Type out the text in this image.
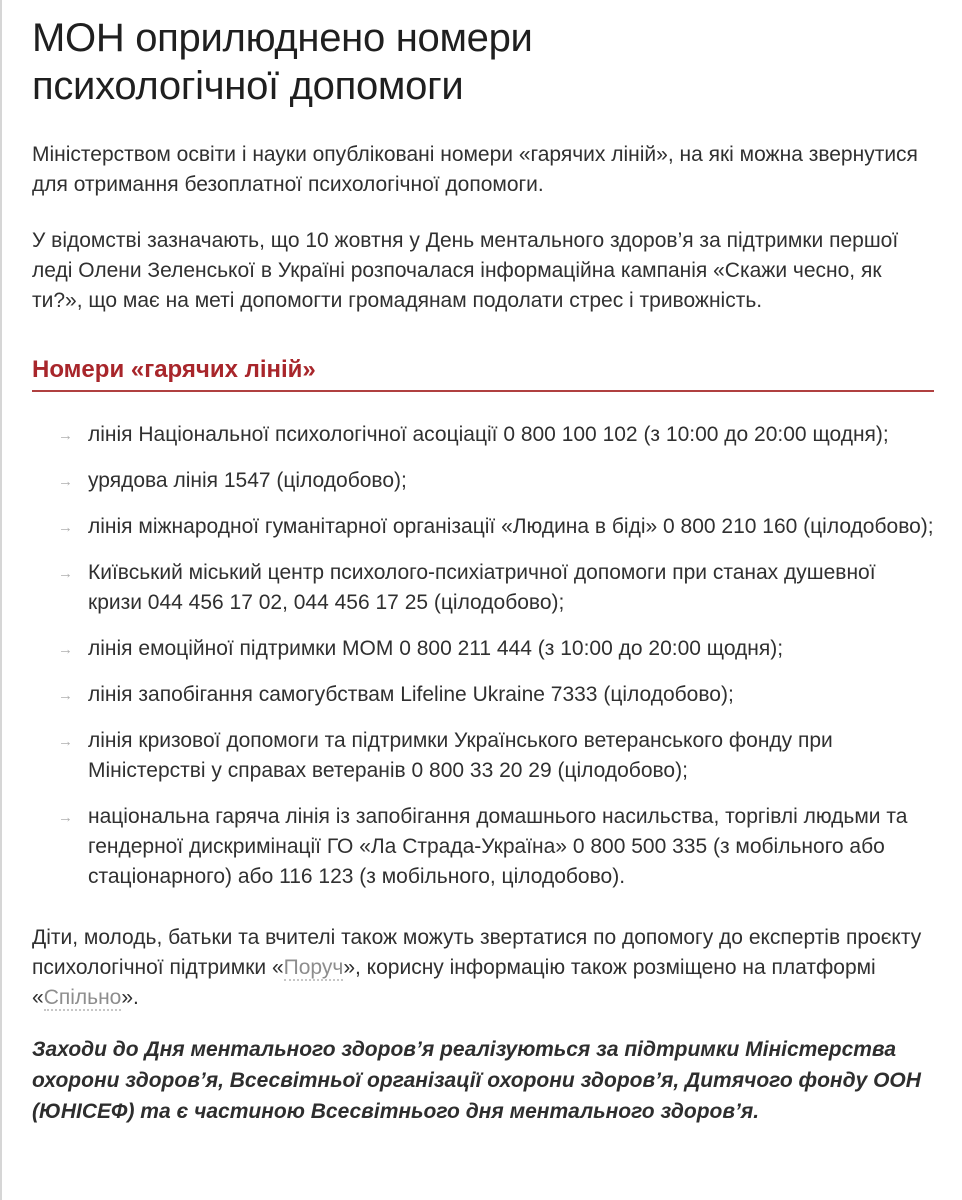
МОН оприлюднено номери психологічної допомоги

Міністерством освіти і науки опубліковані номери «гарячих ліній», на які можна звернутися для отримання безоплатної психологічної допомоги.

У відомстві зазначають, що 10 жовтня у День ментального здоров’я за підтримки першої леді Олени Зеленської в Україні розпочалася інформаційна кампанія «Скажи чесно, як ти?», що має на меті допомогти громадянам подолати стрес і тривожність.

Номери «гарячих ліній»
→ лінія Національної психологічної асоціації 0 800 100 102 (з 10:00 до 20:00 щодня);
→ урядова лінія 1547 (цілодобово);
→ лінія міжнародної гуманітарної організації «Людина в біді» 0 800 210 160 (цілодобово);
→ Київський міський центр психолого-психіатричної допомоги при станах душевної кризи 044 456 17 02, 044 456 17 25 (цілодобово);
→ лінія емоційної підтримки МОМ 0 800 211 444 (з 10:00 до 20:00 щодня);
→ лінія запобігання самогубствам Lifeline Ukraine 7333 (цілодобово);
→ лінія кризової допомоги та підтримки Українського ветеранського фонду при Міністерстві у справах ветеранів 0 800 33 20 29 (цілодобово);
→ національна гаряча лінія із запобігання домашнього насильства, торгівлі людьми та гендерної дискримінації ГО «Ла Страда-Україна» 0 800 500 335 (з мобільного або стаціонарного) або 116 123 (з мобільного, цілодобово).

Діти, молодь, батьки та вчителі також можуть звертатися по допомогу до експертів проєкту психологічної підтримки «Поруч», корисну інформацію також розміщено на платформі «Спільно».

Заходи до Дня ментального здоров’я реалізуються за підтримки Міністерства охорони здоров’я, Всесвітньої організації охорони здоров’я, Дитячого фонду ООН (ЮНІСЕФ) та є частиною Всесвітнього дня ментального здоров’я.
